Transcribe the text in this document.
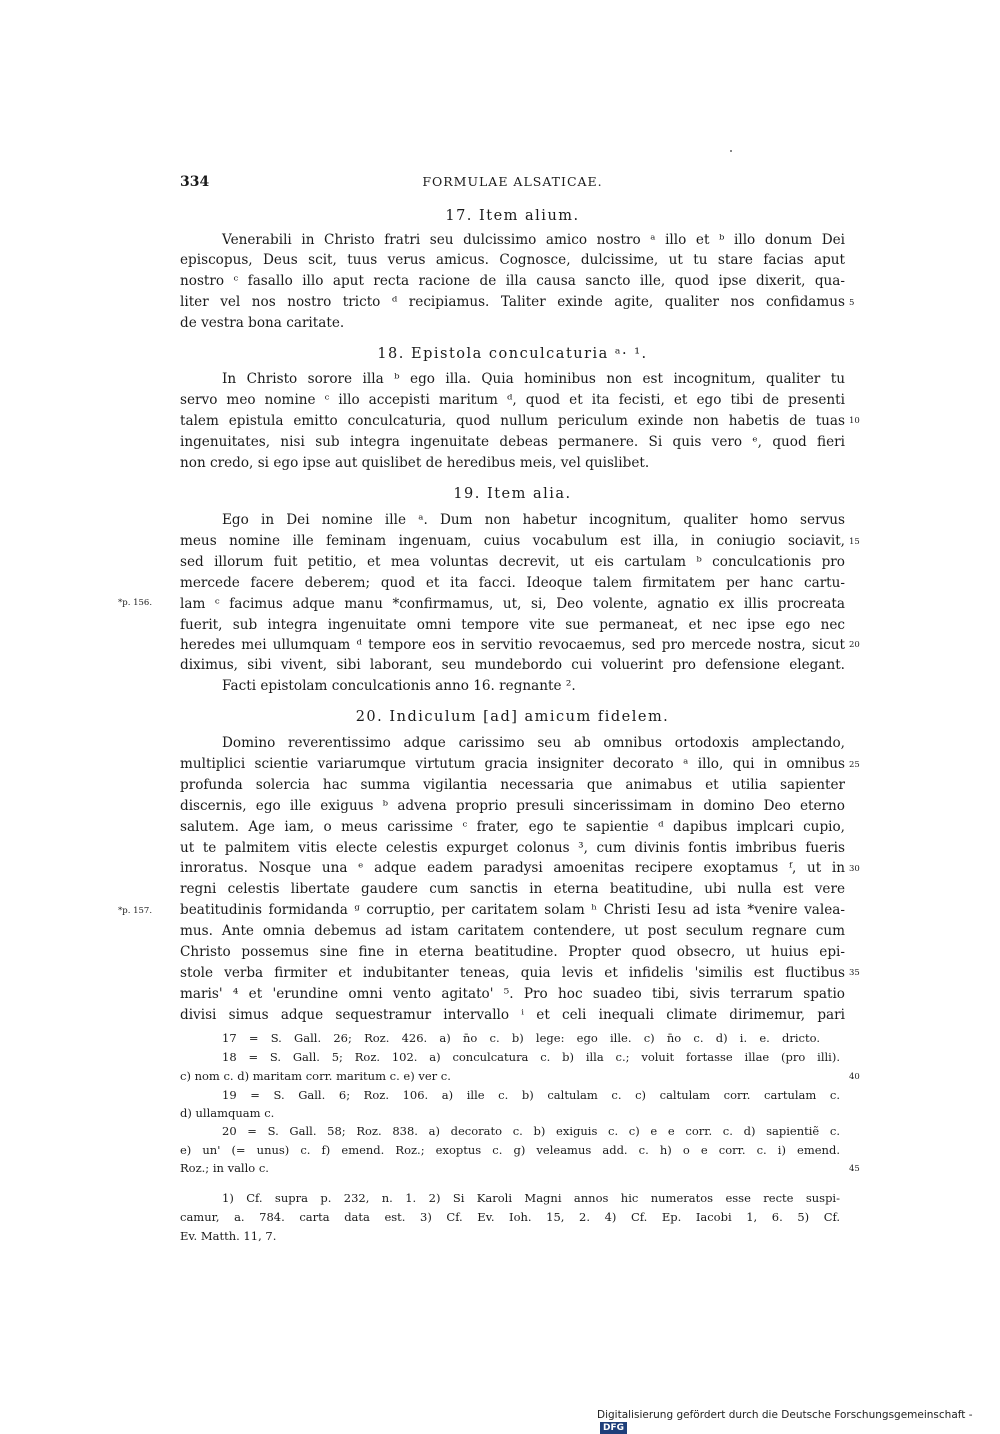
334	FORMULAE ALSATICAE.
17. Item alium.
Venerabili in Christo fratri seu dulcissimo amico nostro ᵃ illo et ᵇ illo donum Dei
episcopus, Deus scit, tuus verus amicus. Cognosce, dulcissime, ut tu stare facias aput
nostro ᶜ fasallo illo aput recta racione de illa causa sancto ille, quod ipse dixerit, qua-
liter vel nos nostro tricto ᵈ recipiamus. Taliter exinde agite, qualiter nos confidamus
de vestra bona caritate.
5
18. Epistola conculcaturia ᵃ· ¹.
In Christo sorore illa ᵇ ego illa. Quia hominibus non est incognitum, qualiter tu
servo meo nomine ᶜ illo accepisti maritum ᵈ, quod et ita fecisti, et ego tibi de presenti
talem epistula emitto conculcaturia, quod nullum periculum exinde non habetis de tuas
ingenuitates, nisi sub integra ingenuitate debeas permanere. Si quis vero ᵉ, quod fieri
non credo, si ego ipse aut quislibet de heredibus meis, vel quislibet.
10
19. Item alia.
Ego in Dei nomine ille ᵃ. Dum non habetur incognitum, qualiter homo servus
meus nomine ille feminam ingenuam, cuius vocabulum est illa, in coniugio sociavit,
sed illorum fuit petitio, et mea voluntas decrevit, ut eis cartulam ᵇ conculcationis pro
mercede facere deberem; quod et ita facci. Ideoque talem firmitatem per hanc cartu-
lam ᶜ facimus adque manu *confirmamus, ut, si, Deo volente, agnatio ex illis procreata
fuerit, sub integra ingenuitate omni tempore vite sue permaneat, et nec ipse ego nec
heredes mei ullumquam ᵈ tempore eos in servitio revocaemus, sed pro mercede nostra, sicut
diximus, sibi vivent, sibi laborant, seu mundebordo cui voluerint pro defensione elegant.
Facti epistolam conculcationis anno 16. regnante ².
15
20
*p. 156.
20. Indiculum [ad] amicum fidelem.
Domino reverentissimo adque carissimo seu ab omnibus ortodoxis amplectando,
multiplici scientie variarumque virtutum gracia insigniter decorato ᵃ illo, qui in omnibus
profunda solercia hac summa vigilantia necessaria que animabus et utilia sapienter
discernis, ego ille exiguus ᵇ advena proprio presuli sincerissimam in domino Deo eterno
salutem. Age iam, o meus carissime ᶜ frater, ego te sapientie ᵈ dapibus implcari cupio,
ut te palmitem vitis electe celestis expurget colonus ³, cum divinis fontis imbribus fueris
inroratus. Nosque una ᵉ adque eadem paradysi amoenitas recipere exoptamus ᶠ, ut in
regni celestis libertate gaudere cum sanctis in eterna beatitudine, ubi nulla est vere
beatitudinis formidanda ᵍ corruptio, per caritatem solam ʰ Christi Iesu ad ista *venire valea-
mus. Ante omnia debemus ad istam caritatem contendere, ut post seculum regnare cum
Christo possemus sine fine in eterna beatitudine. Propter quod obsecro, ut huius epi-
stole verba firmiter et indubitanter teneas, quia levis et infidelis 'similis est fluctibus
maris' ⁴ et 'erundine omni vento agitato' ⁵. Pro hoc suadeo tibi, sivis terrarum spatio
divisi simus adque sequestramur intervallo ⁱ et celi inequali climate dirimemur, pari
25
30
35
*p. 157.
17 = S. Gall. 26; Roz. 426. a) n̄o c. b) lege: ego ille. c) n̄o c. d) i. e. dricto.
18 = S. Gall. 5; Roz. 102. a) conculcatura c. b) illa c.; voluit fortasse illae (pro illi).
c) nom c. d) maritam corr. maritum c. e) ver c.
19 = S. Gall. 6; Roz. 106. a) ille c. b) caltulam c. c) caltulam corr. cartulam c.
d) ullamquam c.
20 = S. Gall. 58; Roz. 838. a) decorato c. b) exiguis c. c) e e corr. c. d) sapientiẽ c.
e) un' (= unus) c. f) emend. Roz.; exoptus c. g) veleamus add. c. h) o e corr. c. i) emend.
Roz.; in vallo c.
40
45
1) Cf. supra p. 232, n. 1. 2) Si Karoli Magni annos hic numeratos esse recte suspi-
camur, a. 784. carta data est. 3) Cf. Ev. Ioh. 15, 2. 4) Cf. Ep. Iacobi 1, 6. 5) Cf.
Ev. Matth. 11, 7.
Digitalisierung gefördert durch die Deutsche Forschungsgemeinschaft -DFG
